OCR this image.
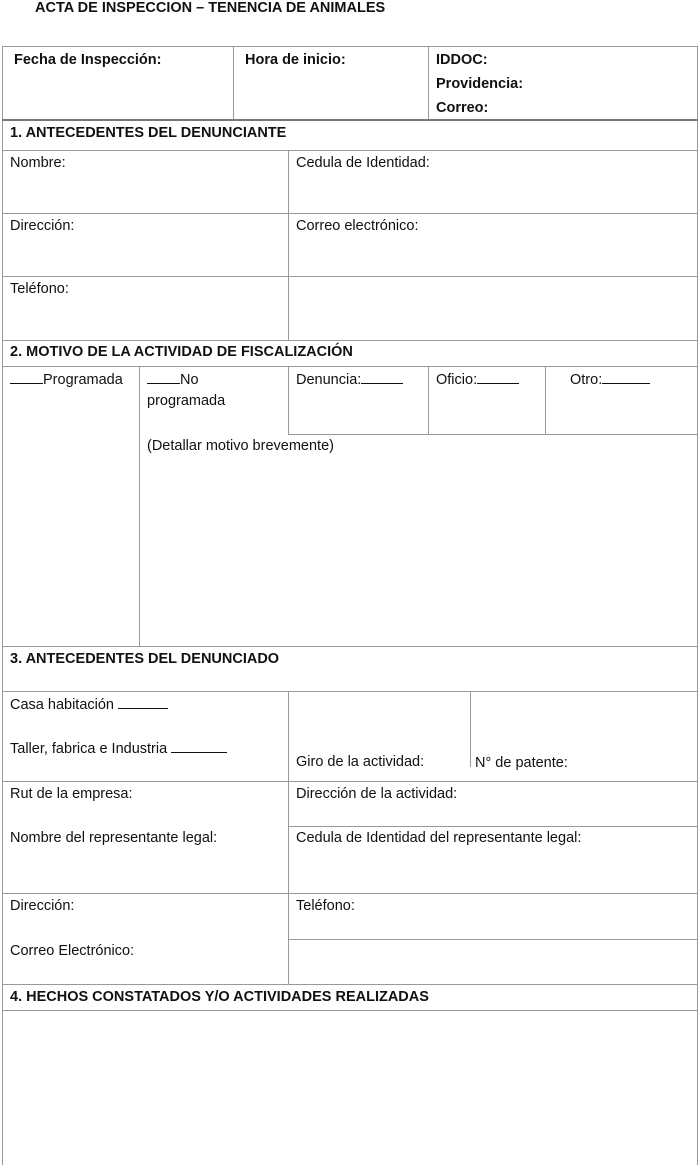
ACTA DE INSPECCION – TENENCIA DE ANIMALES
Fecha de Inspección:	Hora de inicio:	IDDOC:
Providencia:
Correo:
1. ANTECEDENTES DEL DENUNCIANTE
Nombre:	Cedula de Identidad:
Dirección:	Correo electrónico:
Teléfono:
2. MOTIVO DE LA ACTIVIDAD DE FISCALIZACIÓN
Programada	No
programada
Denuncia:	Oficio:	Otro:
(Detallar motivo brevemente)
3. ANTECEDENTES DEL DENUNCIADO
Casa habitación
Taller, fabrica e Industria
Giro de la actividad:	N° de patente:
Rut de la empresa:	Dirección de la actividad:
Nombre del representante legal:	Cedula de Identidad del representante legal:
Dirección:	Teléfono:
Correo Electrónico:
4. HECHOS CONSTATADOS Y/O ACTIVIDADES REALIZADAS
